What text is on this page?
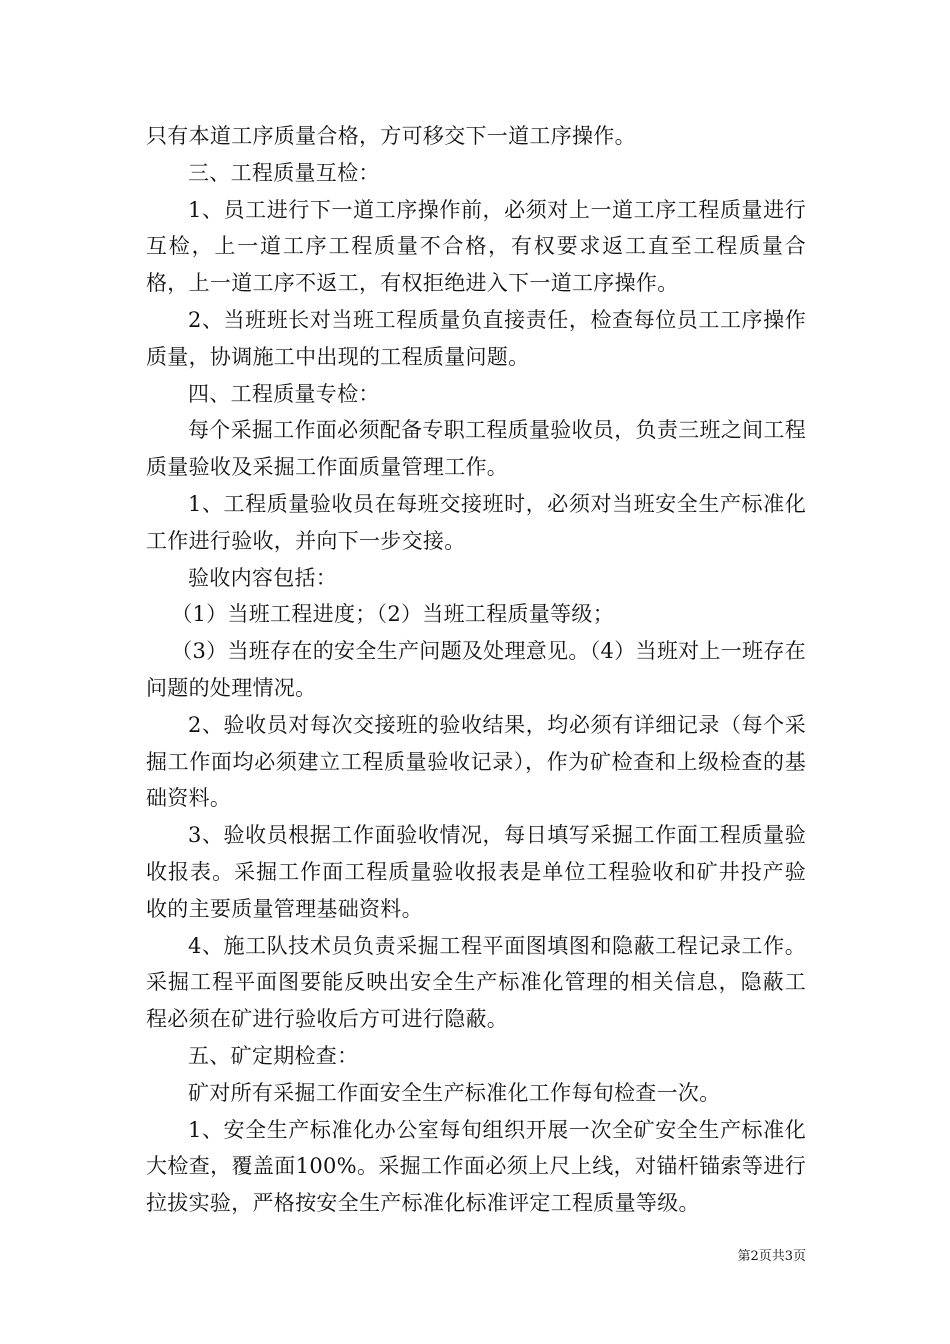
只有本道工序质量合格，方可移交下一道工序操作。

三、工程质量互检：

1、员工进行下一道工序操作前，必须对上一道工序工程质量进行互检，上一道工序工程质量不合格，有权要求返工直至工程质量合格，上一道工序不返工，有权拒绝进入下一道工序操作。

2、当班班长对当班工程质量负直接责任，检查每位员工工序操作质量，协调施工中出现的工程质量问题。

四、工程质量专检：

每个采掘工作面必须配备专职工程质量验收员，负责三班之间工程质量验收及采掘工作面质量管理工作。

1、工程质量验收员在每班交接班时，必须对当班安全生产标准化工作进行验收，并向下一步交接。

验收内容包括：

（1）当班工程进度；（2）当班工程质量等级；

（3）当班存在的安全生产问题及处理意见。（4）当班对上一班存在问题的处理情况。

2、验收员对每次交接班的验收结果，均必须有详细记录（每个采掘工作面均必须建立工程质量验收记录），作为矿检查和上级检查的基础资料。

3、验收员根据工作面验收情况，每日填写采掘工作面工程质量验收报表。采掘工作面工程质量验收报表是单位工程验收和矿井投产验收的主要质量管理基础资料。

4、施工队技术员负责采掘工程平面图填图和隐蔽工程记录工作。采掘工程平面图要能反映出安全生产标准化管理的相关信息，隐蔽工程必须在矿进行验收后方可进行隐蔽。

五、矿定期检查：

矿对所有采掘工作面安全生产标准化工作每旬检查一次。

1、安全生产标准化办公室每旬组织开展一次全矿安全生产标准化大检查，覆盖面100%。采掘工作面必须上尺上线，对锚杆锚索等进行拉拔实验，严格按安全生产标准化标准评定工程质量等级。

第2页共3页
